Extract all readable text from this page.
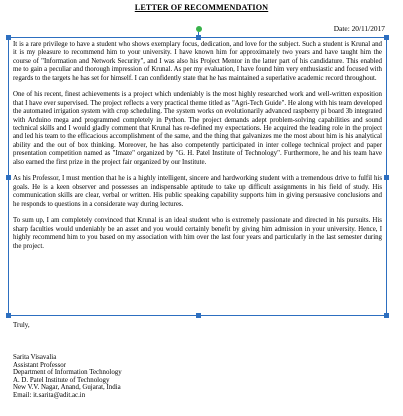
LETTER OF RECOMMENDATION
Date: 20/11/2017

It is a rare privilege to have a student who shows exemplary focus, dedication, and love for the subject. Such a student is Krunal and it is my pleasure to recommend him to your university. I have known him for approximately two years and have taught him the course of "Information and Network Security", and I was also his Project Mentor in the latter part of his candidature. This enabled me to gain a peculiar and thorough impression of Krunal. As per my evaluation, I have found him very enthusiastic and focused with regards to the targets he has set for himself. I can confidently state that he has maintained a superlative academic record throughout.

One of his recent, finest achievements is a project which undeniably is the most highly researched work and well-written exposition that I have ever supervised. The project reflects a very practical theme titled as "Agri-Tech Guide". He along with his team developed the automated irrigation system with crop scheduling. The system works on evolutionarily advanced raspberry pi board 3b integrated with Arduino mega and programmed completely in Python. The project demands adept problem-solving capabilities and sound technical skills and I would gladly comment that Krunal has re-defined my expectations. He acquired the leading role in the project and led his team to the efficacious accomplishment of the same, and the thing that galvanizes me the most about him is his analytical ability and the out of box thinking. Moreover, he has also competently participated in inter college technical project and paper presentation competition named as "Imaze" organized by "G. H. Patel Institute of Technology". Furthermore, he and his team have also earned the first prize in the project fair organized by our Institute.

As his Professor, I must mention that he is a highly intelligent, sincere and hardworking student with a tremendous drive to fulfil his goals. He is a keen observer and possesses an indispensable aptitude to take up difficult assignments in his field of study. His communication skills are clear, verbal or written. His public speaking capability supports him in giving persuasive conclusions and he responds to questions in a considerate way during lectures.

To sum up, I am completely convinced that Krunal is an ideal student who is extremely passionate and directed in his pursuits. His sharp faculties would undeniably be an asset and you would certainly benefit by giving him admission in your university. Hence, I highly recommend him to you based on my association with him over the last four years and particularly in the last semester during the project.

Truly,
Sarita Visavalia
Assistant Professor
Department of Information Technology
A. D. Patel Institute of Technology
New V.V. Nagar, Anand, Gujarat, India
Email: it.sarita@adit.ac.in
